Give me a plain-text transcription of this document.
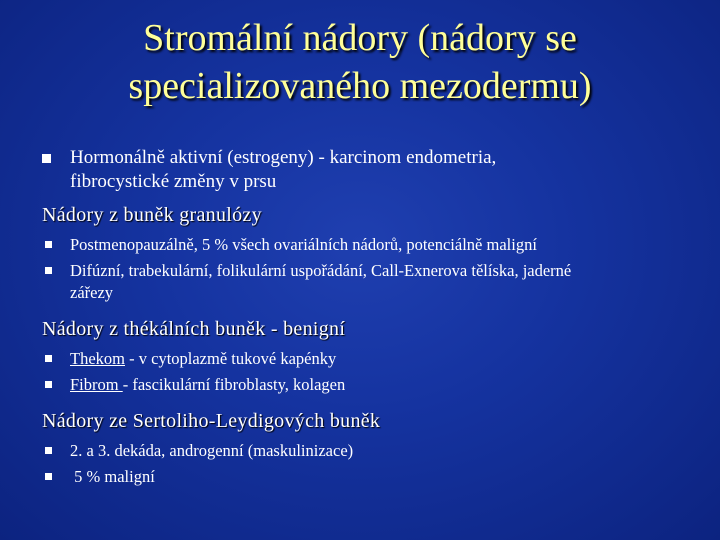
Stromální nádory (nádory se
specializovaného mezodermu)
Hormonálně aktivní (estrogeny) - karcinom endometria,
fibrocystické změny v prsu
Nádory z buněk granulózy
Postmenopauzálně, 5 % všech ovariálních nádorů, potenciálně maligní
Difúzní, trabekulární, folikulární uspořádání, Call-Exnerova tělíska, jaderné
zářezy
Nádory z thékálních buněk - benigní
Thekom - v cytoplazmě tukové kapénky
Fibrom - fascikulární fibroblasty, kolagen
Nádory ze Sertoliho-Leydigových buněk
2. a 3. dekáda, androgenní (maskulinizace)
5 % maligní
